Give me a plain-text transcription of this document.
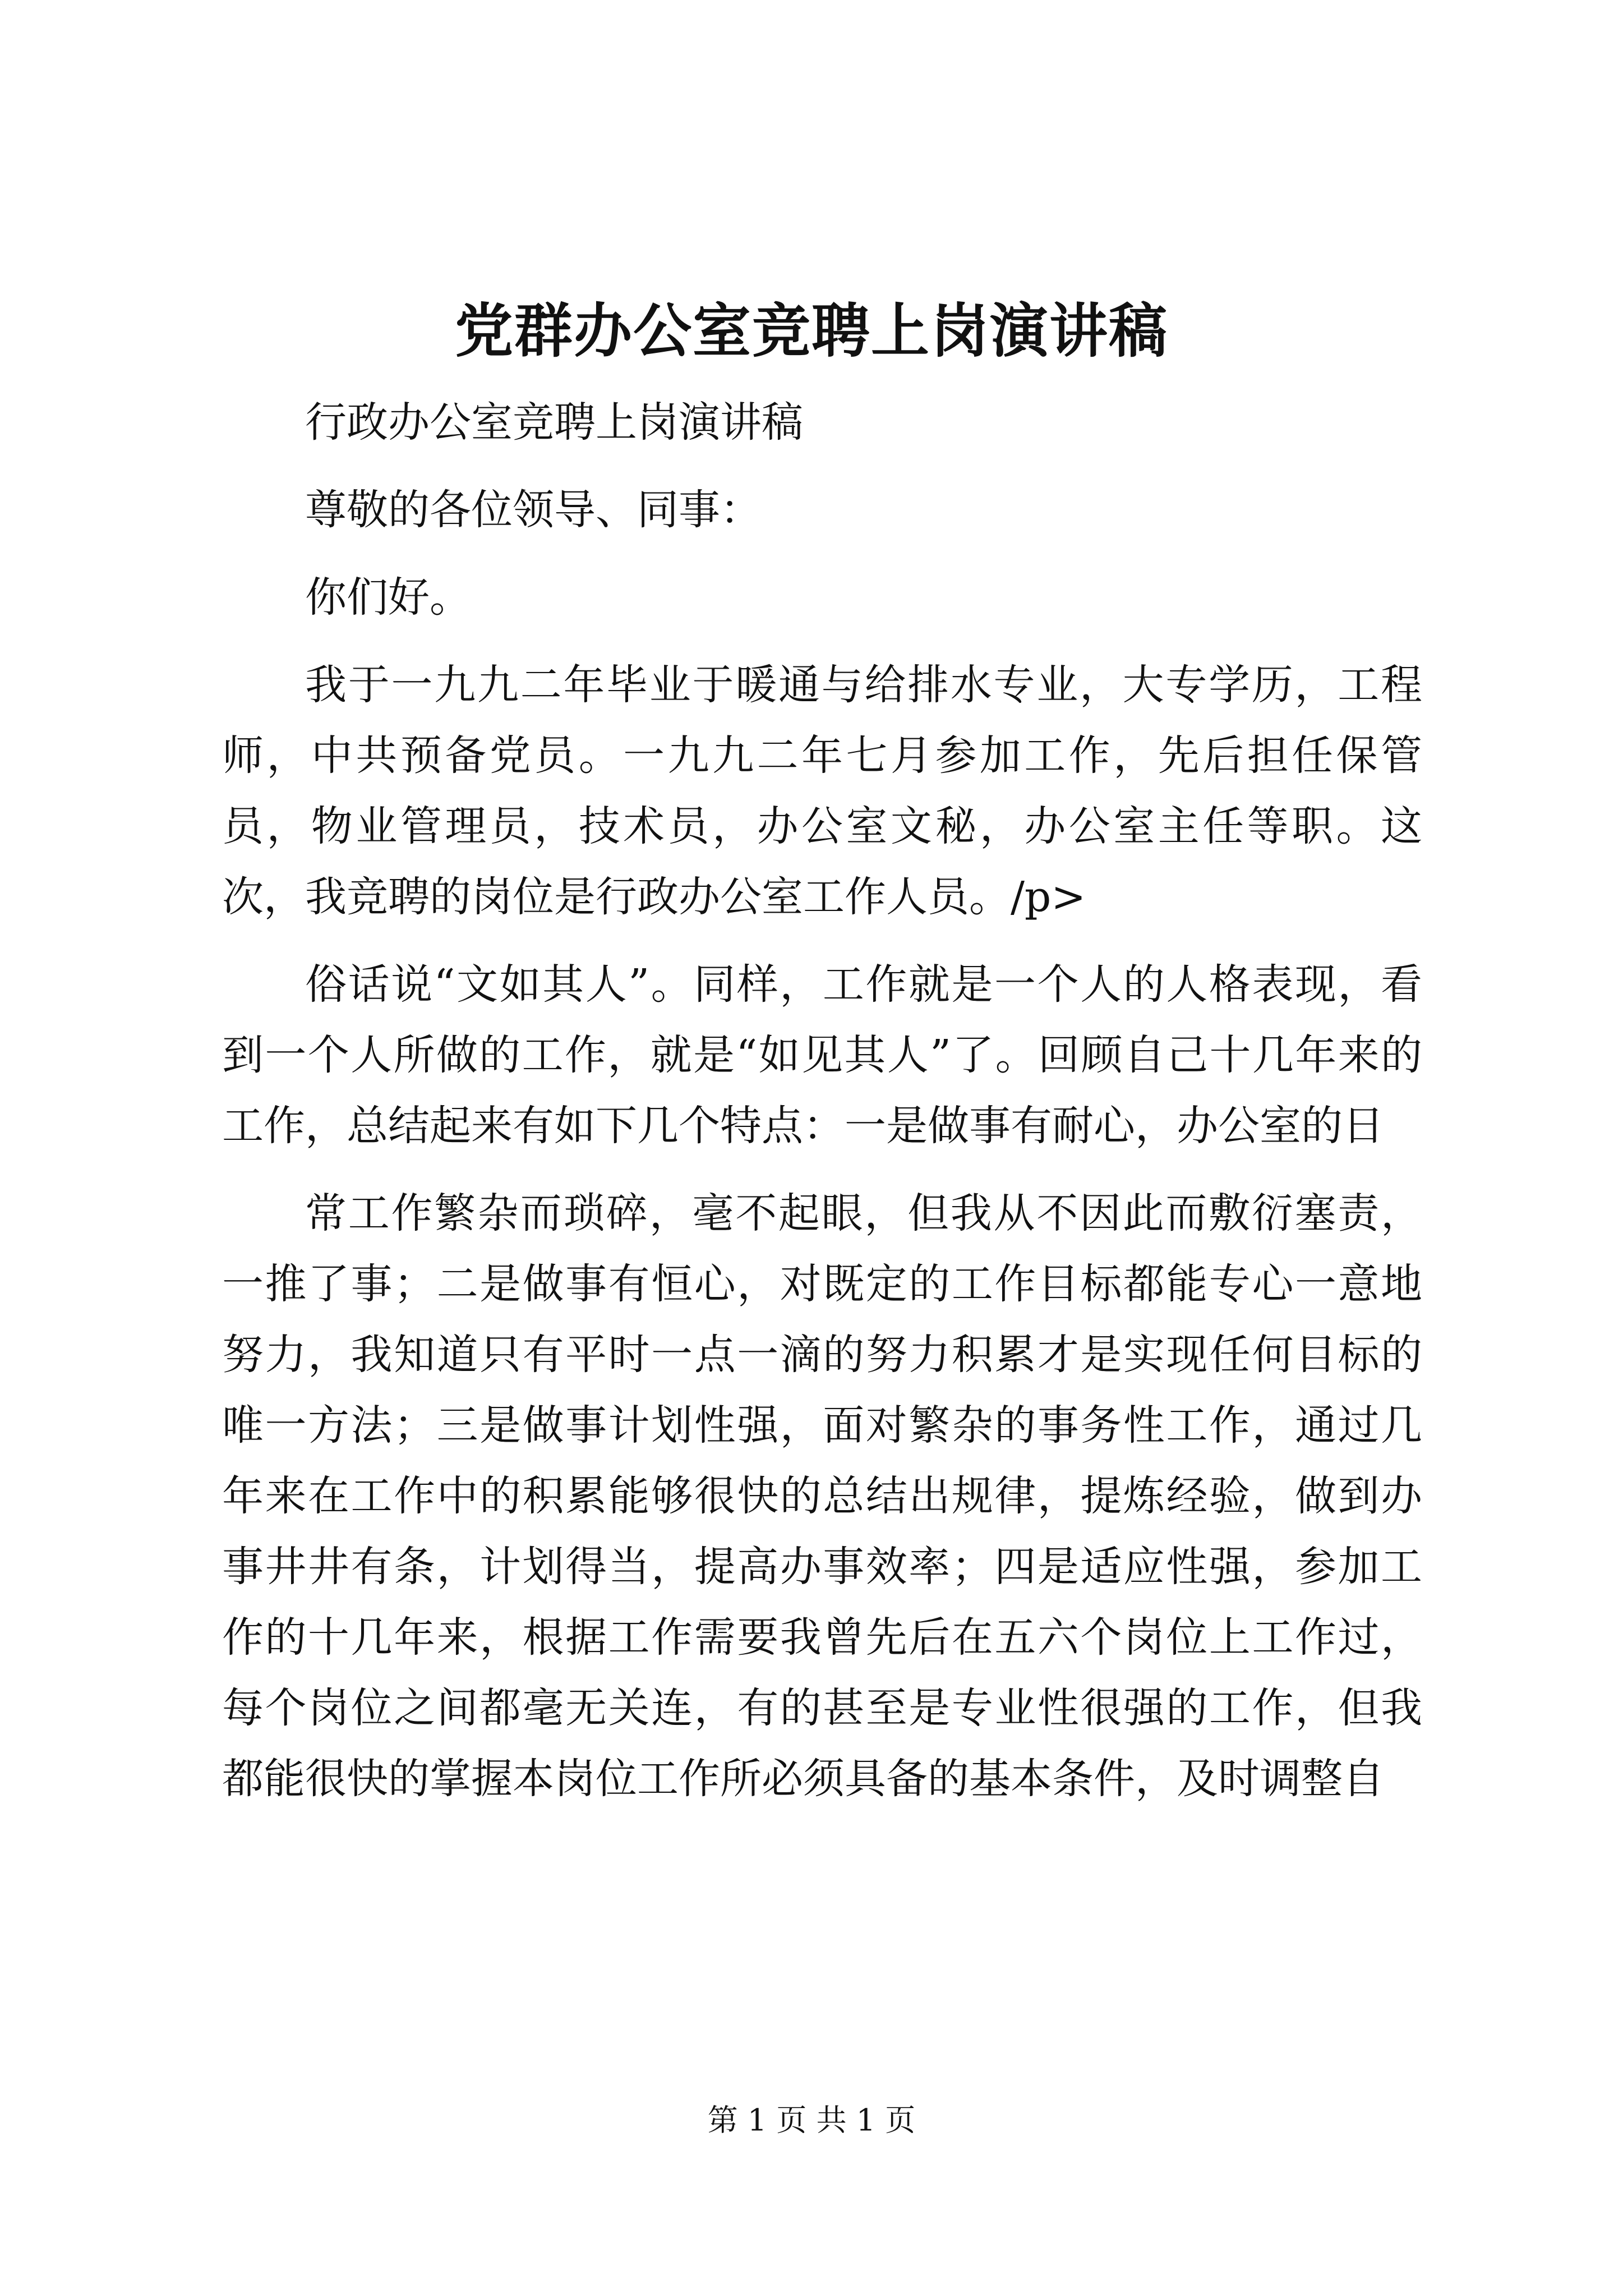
党群办公室竞聘上岗演讲稿

行政办公室竞聘上岗演讲稿

尊敬的各位领导、同事：

你们好。

我于一九九二年毕业于暖通与给排水专业，大专学历，工程师，中共预备党员。一九九二年七月参加工作，先后担任保管员，物业管理员，技术员，办公室文秘，办公室主任等职。这次，我竞聘的岗位是行政办公室工作人员。/p>

俗话说“文如其人”。同样，工作就是一个人的人格表现，看到一个人所做的工作，就是“如见其人”了。回顾自己十几年来的工作，总结起来有如下几个特点：一是做事有耐心，办公室的日

常工作繁杂而琐碎，毫不起眼，但我从不因此而敷衍塞责，一推了事；二是做事有恒心，对既定的工作目标都能专心一意地努力，我知道只有平时一点一滴的努力积累才是实现任何目标的唯一方法；三是做事计划性强，面对繁杂的事务性工作，通过几年来在工作中的积累能够很快的总结出规律，提炼经验，做到办事井井有条，计划得当，提高办事效率；四是适应性强，参加工作的十几年来，根据工作需要我曾先后在五六个岗位上工作过，每个岗位之间都毫无关连，有的甚至是专业性很强的工作，但我都能很快的掌握本岗位工作所必须具备的基本条件，及时调整自

第 1 页 共 1 页
